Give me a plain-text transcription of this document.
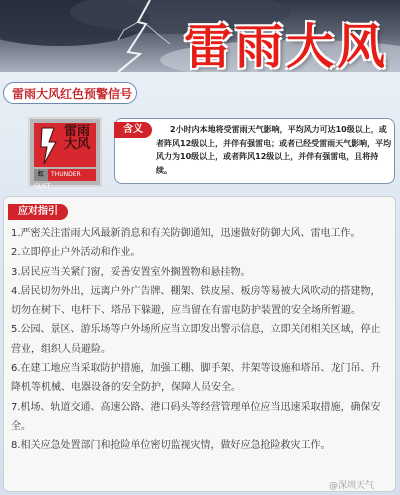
雷雨大风
雷雨大风红色预警信号
雷雨大风
红 THUNDER GUST
含义	2小时内本地将受雷雨天气影响，平均风力可达10级以上，或者阵风12级以上，并伴有强雷电；或者已经受雷雨天气影响，平均风力为10级以上，或者阵风12级以上，并伴有强雷电，且将持续。
应对指引
1.严密关注雷雨大风最新消息和有关防御通知，迅速做好防御大风、雷电工作。
2.立即停止户外活动和作业。
3.居民应当关紧门窗，妥善安置室外搁置物和悬挂物。
4.居民切勿外出，远离户外广告牌、棚架、铁皮屋、板房等易被大风吹动的搭建物，切勿在树下、电杆下、塔吊下躲避，应当留在有雷电防护装置的安全场所暂避。
5.公园、景区、游乐场等户外场所应当立即发出警示信息，立即关闭相关区域，停止营业，组织人员避险。
6.在建工地应当采取防护措施，加强工棚、脚手架、井架等设施和塔吊、龙门吊、升降机等机械、电器设备的安全防护，保障人员安全。
7.机场、轨道交通、高速公路、港口码头等经营管理单位应当迅速采取措施，确保安全。
8.相关应急处置部门和抢险单位密切监视灾情，做好应急抢险救灾工作。
@深圳天气
